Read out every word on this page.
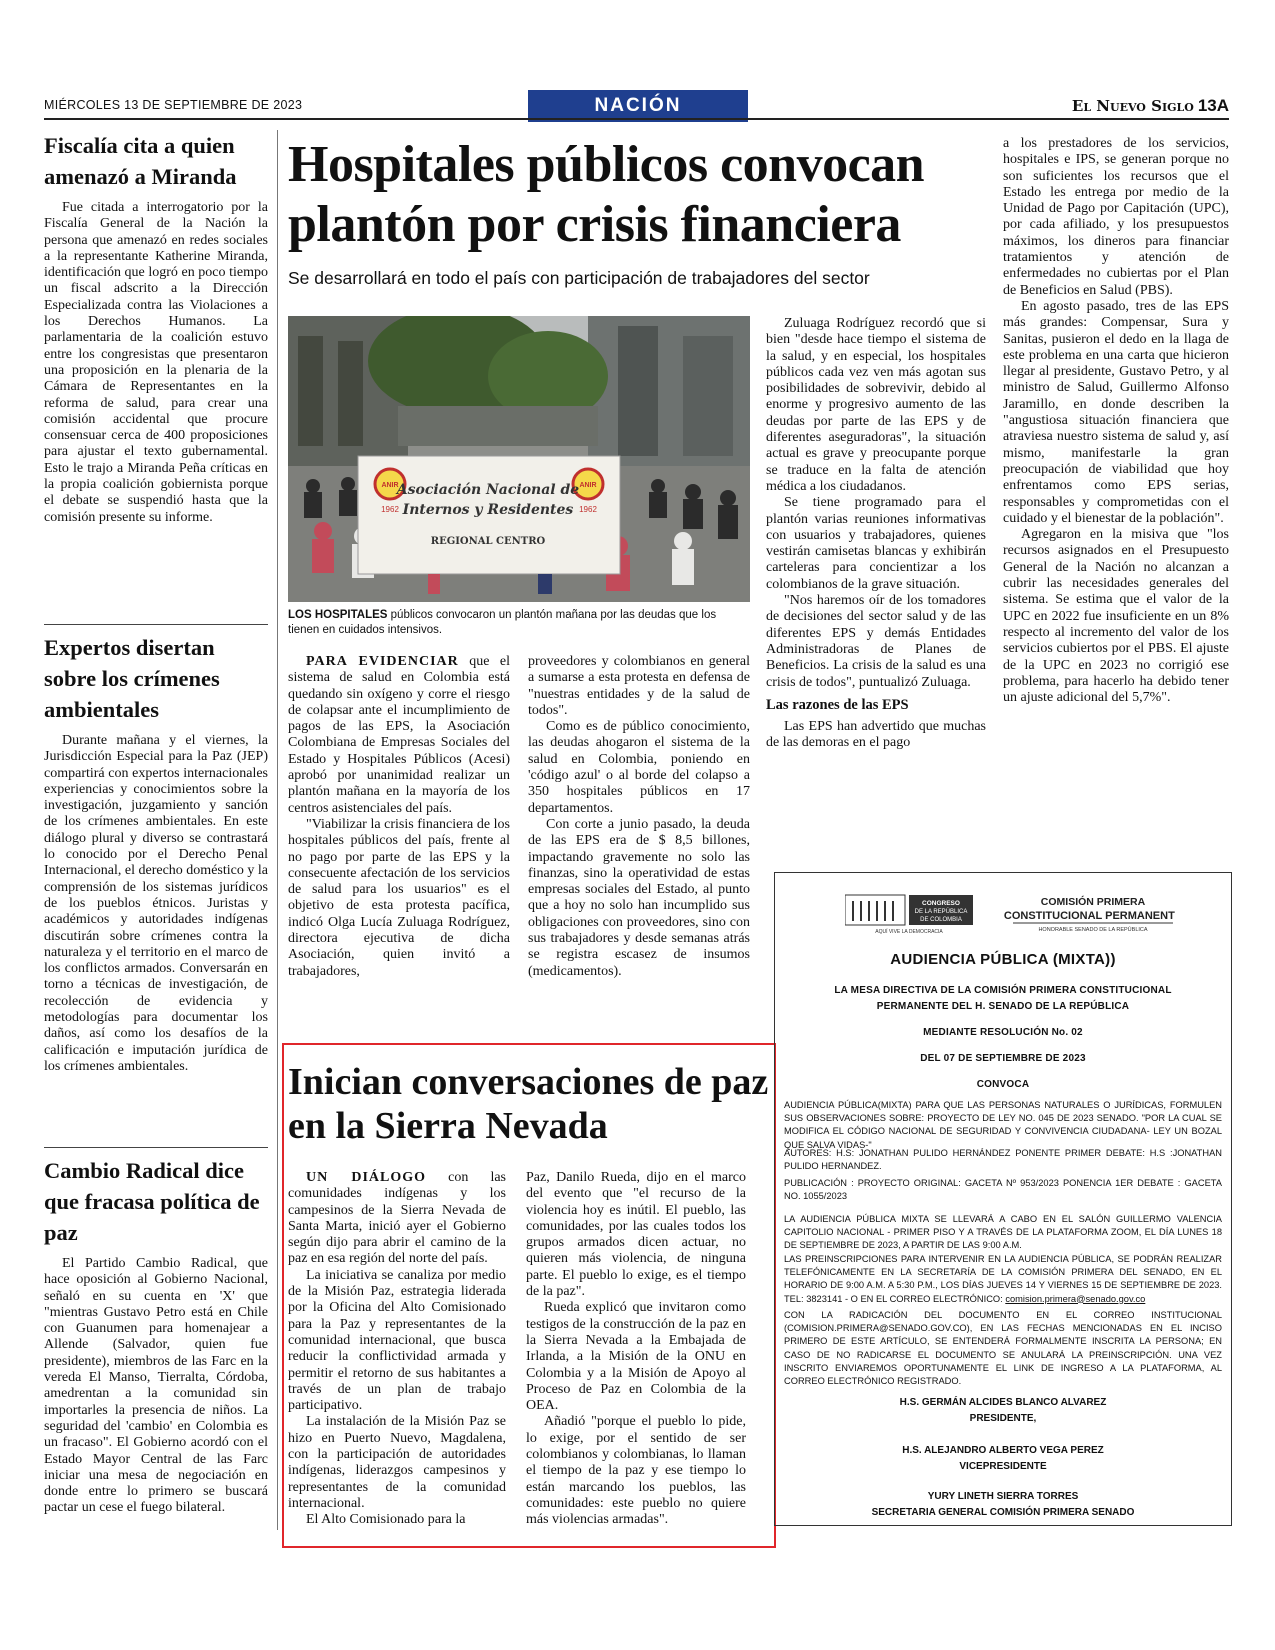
MIÉRCOLES 13 DE SEPTIEMBRE DE 2023	NACIÓN	El Nuevo Siglo 13A
Fiscalía cita a quien amenazó a Miranda

Fue citada a interrogatorio por la Fiscalía General de la Nación la persona que amenazó en redes sociales a la representante Katherine Miranda, identificación que logró en poco tiempo un fiscal adscrito a la Dirección Especializada contra las Violaciones a los Derechos Humanos. La parlamentaria de la coalición estuvo entre los congresistas que presentaron una proposición en la plenaria de la Cámara de Representantes en la reforma de salud, para crear una comisión accidental que procure consensuar cerca de 400 proposiciones para ajustar el texto gubernamental. Esto le trajo a Miranda Peña críticas en la propia coalición gobiernista porque el debate se suspendió hasta que la comisión presente su informe.

Expertos disertan sobre los crímenes ambientales

Durante mañana y el viernes, la Jurisdicción Especial para la Paz (JEP) compartirá con expertos internacionales experiencias y conocimientos sobre la investigación, juzgamiento y sanción de los crímenes ambientales. En este diálogo plural y diverso se contrastará lo conocido por el Derecho Penal Internacional, el derecho doméstico y la comprensión de los sistemas jurídicos de los pueblos étnicos. Juristas y académicos y autoridades indígenas discutirán sobre crímenes contra la naturaleza y el territorio en el marco de los conflictos armados. Conversarán en torno a técnicas de investigación, de recolección de evidencia y metodologías para documentar los daños, así como los desafíos de la calificación e imputación jurídica de los crímenes ambientales.

Cambio Radical dice que fracasa política de paz

El Partido Cambio Radical, que hace oposición al Gobierno Nacional, señaló en su cuenta en 'X' que "mientras Gustavo Petro está en Chile con Guanumen para homenajear a Allende (Salvador, quien fue presidente), miembros de las Farc en la vereda El Manso, Tierralta, Córdoba, amedrentan a la comunidad sin importarles la presencia de niños. La seguridad del 'cambio' en Colombia es un fracaso". El Gobierno acordó con el Estado Mayor Central de las Farc iniciar una mesa de negociación en donde entre lo primero se buscará pactar un cese el fuego bilateral.

Hospitales públicos convocan plantón por crisis financiera
Se desarrollará en todo el país con participación de trabajadores del sector
ANIR	ANIR
1962	1962
Asociación Nacional de
Internos y Residentes
REGIONAL CENTRO
LOS HOSPITALES públicos convocaron un plantón mañana por las deudas que los tienen en cuidados intensivos.

PARA EVIDENCIAR que el sistema de salud en Colombia está quedando sin oxígeno y corre el riesgo de colapsar ante el incumplimiento de pagos de las EPS, la Asociación Colombiana de Empresas Sociales del Estado y Hospitales Públicos (Acesi) aprobó por unanimidad realizar un plantón mañana en la mayoría de los centros asistenciales del país.

"Viabilizar la crisis financiera de los hospitales públicos del país, frente al no pago por parte de las EPS y la consecuente afectación de los servicios de salud para los usuarios" es el objetivo de esta protesta pacífica, indicó Olga Lucía Zuluaga Rodríguez, directora ejecutiva de dicha Asociación, quien invitó a trabajadores,

proveedores y colombianos en general a sumarse a esta protesta en defensa de "nuestras entidades y de la salud de todos".

Como es de público conocimiento, las deudas ahogaron el sistema de la salud en Colombia, poniendo en 'código azul' o al borde del colapso a 350 hospitales públicos en 17 departamentos.

Con corte a junio pasado, la deuda de las EPS era de $ 8,5 billones, impactando gravemente no solo las finanzas, sino la operatividad de estas empresas sociales del Estado, al punto que a hoy no solo han incumplido sus obligaciones con proveedores, sino con sus trabajadores y desde semanas atrás se registra escasez de insumos (medicamentos).

Zuluaga Rodríguez recordó que si bien "desde hace tiempo el sistema de la salud, y en especial, los hospitales públicos cada vez ven más agotan sus posibilidades de sobrevivir, debido al enorme y progresivo aumento de las deudas por parte de las EPS y de diferentes aseguradoras", la situación actual es grave y preocupante porque se traduce en la falta de atención médica a los ciudadanos.

Se tiene programado para el plantón varias reuniones informativas con usuarios y trabajadores, quienes vestirán camisetas blancas y exhibirán carteleras para concientizar a los colombianos de la grave situación.

"Nos haremos oír de los tomadores de decisiones del sector salud y de las diferentes EPS y demás Entidades Administradoras de Planes de Beneficios. La crisis de la salud es una crisis de todos", puntualizó Zuluaga.

Las razones de las EPS

Las EPS han advertido que muchas de las demoras en el pago

a los prestadores de los servicios, hospitales e IPS, se generan porque no son suficientes los recursos que el Estado les entrega por medio de la Unidad de Pago por Capitación (UPC), por cada afiliado, y los presupuestos máximos, los dineros para financiar tratamientos y atención de enfermedades no cubiertas por el Plan de Beneficios en Salud (PBS).

En agosto pasado, tres de las EPS más grandes: Compensar, Sura y Sanitas, pusieron el dedo en la llaga de este problema en una carta que hicieron llegar al presidente, Gustavo Petro, y al ministro de Salud, Guillermo Alfonso Jaramillo, en donde describen la "angustiosa situación financiera que atraviesa nuestro sistema de salud y, así mismo, manifestarle la gran preocupación de viabilidad que hoy enfrentamos como EPS serias, responsables y comprometidas con el cuidado y el bienestar de la población".

Agregaron en la misiva que "los recursos asignados en el Presupuesto General de la Nación no alcanzan a cubrir las necesidades generales del sistema. Se estima que el valor de la UPC en 2022 fue insuficiente en un 8% respecto al incremento del valor de los servicios cubiertos por el PBS. El ajuste de la UPC en 2023 no corrigió ese problema, para hacerlo ha debido tener un ajuste adicional del 5,7%".

Inician conversaciones de paz en la Sierra Nevada

UN DIÁLOGO con las comunidades indígenas y los campesinos de la Sierra Nevada de Santa Marta, inició ayer el Gobierno según dijo para abrir el camino de la paz en esa región del norte del país.

La iniciativa se canaliza por medio de la Misión Paz, estrategia liderada por la Oficina del Alto Comisionado para la Paz y representantes de la comunidad internacional, que busca reducir la conflictividad armada y permitir el retorno de sus habitantes a través de un plan de trabajo participativo.

La instalación de la Misión Paz se hizo en Puerto Nuevo, Magdalena, con la participación de autoridades indígenas, liderazgos campesinos y representantes de la comunidad internacional.

El Alto Comisionado para la

Paz, Danilo Rueda, dijo en el marco del evento que "el recurso de la violencia hoy es inútil. El pueblo, las comunidades, por las cuales todos los grupos armados dicen actuar, no quieren más violencia, de ninguna parte. El pueblo lo exige, es el tiempo de la paz".

Rueda explicó que invitaron como testigos de la construcción de la paz en la Sierra Nevada a la Embajada de Irlanda, a la Misión de la ONU en Colombia y a la Misión de Apoyo al Proceso de Paz en Colombia de la OEA.

Añadió "porque el pueblo lo pide, lo exige, por el sentido de ser colombianos y colombianas, lo llaman el tiempo de la paz y ese tiempo lo están marcando los pueblos, las comunidades: este pueblo no quiere más violencias armadas".

CONGRESO
DE LA REPÚBLICA
DE COLOMBIA
AQUÍ VIVE LA DEMOCRACIA
COMISIÓN PRIMERA
CONSTITUCIONAL PERMANENTE
HONORABLE SENADO DE LA REPÚBLICA
AUDIENCIA PÚBLICA (MIXTA))
LA MESA DIRECTIVA DE LA COMISIÓN PRIMERA CONSTITUCIONAL
PERMANENTE DEL H. SENADO DE LA REPÚBLICA
MEDIANTE RESOLUCIÓN No. 02
DEL 07 DE SEPTIEMBRE DE 2023
CONVOCA
AUDIENCIA PÚBLICA(MIXTA) PARA QUE LAS PERSONAS NATURALES O JURÍDICAS, FORMULEN SUS OBSERVACIONES SOBRE: PROYECTO DE LEY NO. 045 DE 2023 SENADO. "POR LA CUAL SE MODIFICA EL CÓDIGO NACIONAL DE SEGURIDAD Y CONVIVENCIA CIUDADANA- LEY UN BOZAL QUE SALVA VIDAS-"
AUTORES: H.S: JONATHAN PULIDO HERNÁNDEZ PONENTE PRIMER DEBATE: H.S :JONATHAN PULIDO HERNANDEZ.
PUBLICACIÓN : PROYECTO ORIGINAL: GACETA Nº 953/2023 PONENCIA 1ER DEBATE : GACETA NO. 1055/2023
LA AUDIENCIA PÚBLICA MIXTA SE LLEVARÁ A CABO EN EL SALÓN GUILLERMO VALENCIA CAPITOLIO NACIONAL - PRIMER PISO Y A TRAVÉS DE LA PLATAFORMA ZOOM, EL DÍA LUNES 18 DE SEPTIEMBRE DE 2023, A PARTIR DE LAS 9:00 A.M.
LAS PREINSCRIPCIONES PARA INTERVENIR EN LA AUDIENCIA PÚBLICA, SE PODRÁN REALIZAR TELEFÓNICAMENTE EN LA SECRETARÍA DE LA COMISIÓN PRIMERA DEL SENADO, EN EL HORARIO DE 9:00 A.M. A 5:30 P.M., LOS DÍAS JUEVES 14 Y VIERNES 15 DE SEPTIEMBRE DE 2023. TEL: 3823141 - O EN EL CORREO ELECTRÓNICO: comision.primera@senado.gov.co
CON LA RADICACIÓN DEL DOCUMENTO EN EL CORREO INSTITUCIONAL (COMISION.PRIMERA@SENADO.GOV.CO), EN LAS FECHAS MENCIONADAS EN EL INCISO PRIMERO DE ESTE ARTÍCULO, SE ENTENDERÁ FORMALMENTE INSCRITA LA PERSONA; EN CASO DE NO RADICARSE EL DOCUMENTO SE ANULARÁ LA PREINSCRIPCIÓN. UNA VEZ INSCRITO ENVIAREMOS OPORTUNAMENTE EL LINK DE INGRESO A LA PLATAFORMA, AL CORREO ELECTRÓNICO REGISTRADO.
H.S. GERMÁN ALCIDES BLANCO ALVAREZ
PRESIDENTE,
H.S. ALEJANDRO ALBERTO VEGA PEREZ
VICEPRESIDENTE
YURY LINETH SIERRA TORRES
SECRETARIA GENERAL COMISIÓN PRIMERA SENADO
